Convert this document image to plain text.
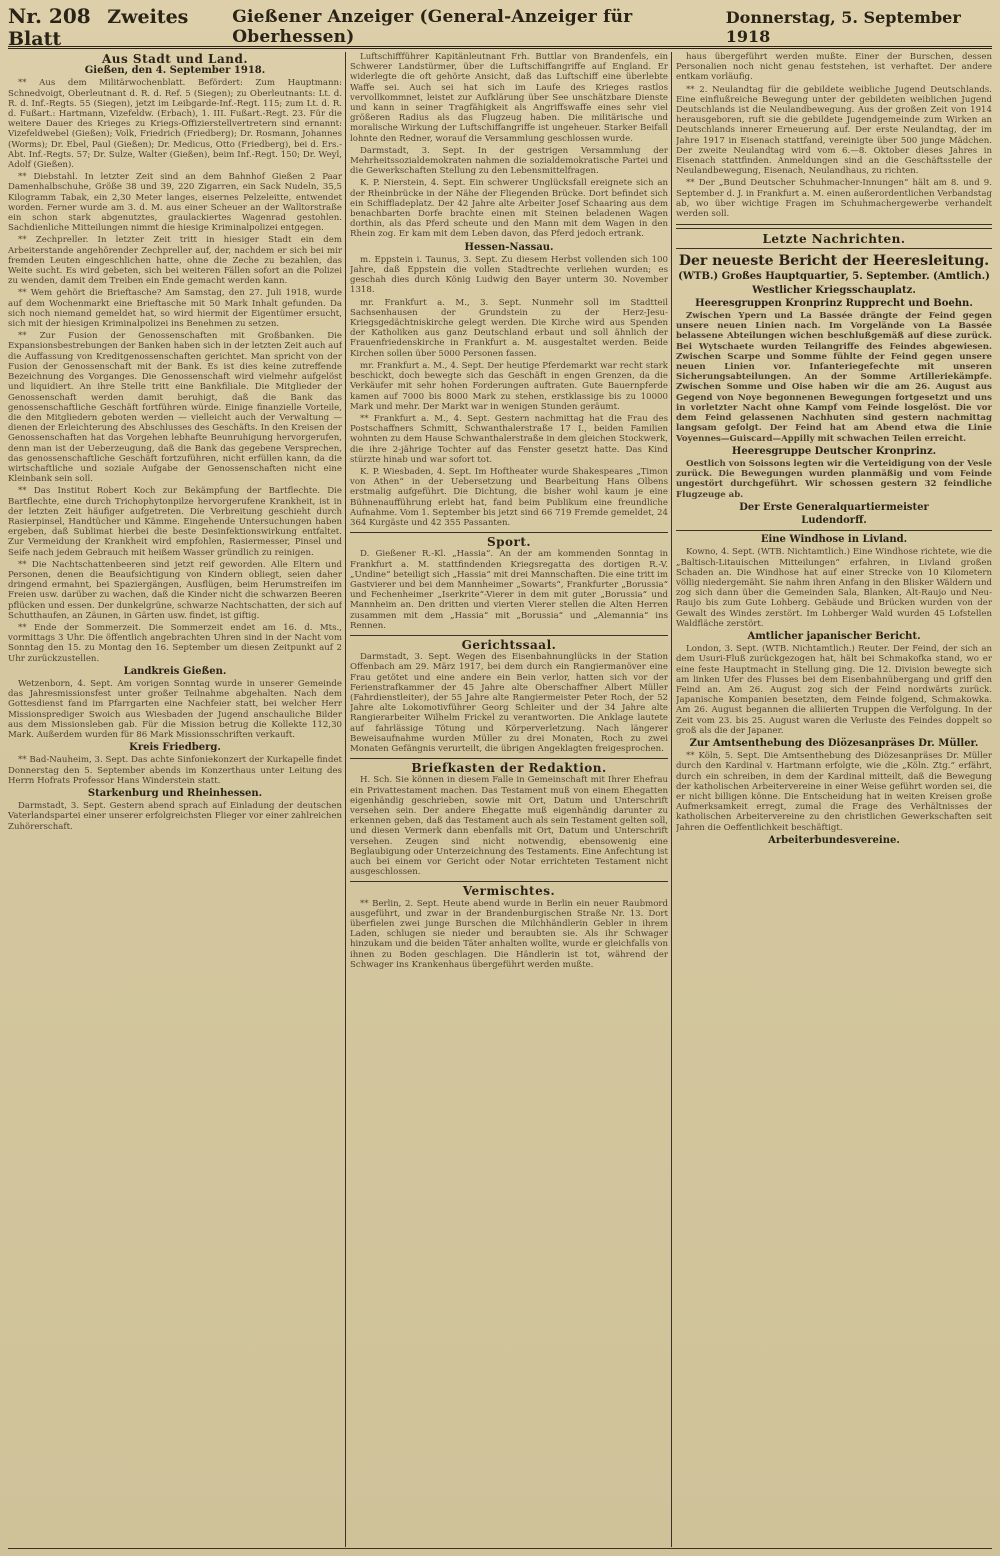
Nr. 208 Zweites Blatt
Gießener Anzeiger (General-Anzeiger für Oberhessen)
Donnerstag, 5. September 1918
Aus Stadt und Land.
Gießen, den 4. September 1918.

** Aus dem Militärwochenblatt. Befördert: Zum Hauptmann: Schnedvoigt, Oberleutnant d. R. d. Ref. 5 (Siegen); zu Oberleutnants: Lt. d. R. d. Inf.-Regts. 55 (Siegen), jetzt im Leibgarde-Inf.-Regt. 115; zum Lt. d. R. d. Fußart.: Hartmann, Vizefeldw. (Erbach), 1. III. Fußart.-Regt. 23. Für die weitere Dauer des Krieges zu Kriegs-Offizierstellvertretern sind ernannt: Vizefeldwebel (Gießen); Volk, Friedrich (Friedberg); Dr. Rosmann, Johannes (Worms); Dr. Ebel, Paul (Gießen); Dr. Medicus, Otto (Friedberg), bei d. Ers.-Abt. Inf.-Regts. 57; Dr. Sulze, Walter (Gießen), beim Inf.-Regt. 150; Dr. Weyl, Adolf (Gießen).

** Diebstahl. In letzter Zeit sind an dem Bahnhof Gießen 2 Paar Damenhalbschuhe, Größe 38 und 39, 220 Zigarren, ein Sack Nudeln, 35,5 Kilogramm Tabak, ein 2,30 Meter langes, eisernes Pelzeleitte, entwendet worden. Ferner wurde am 3. d. M. aus einer Scheuer an der Walltorstraße ein schon stark abgenutztes, graulackiertes Wagenrad gestohlen. Sachdienliche Mitteilungen nimmt die hiesige Kriminalpolizei entgegen.

** Zechpreller. In letzter Zeit tritt in hiesiger Stadt ein dem Arbeiterstande angehörender Zechpreller auf, der, nachdem er sich bei mir fremden Leuten eingeschlichen hatte, ohne die Zeche zu bezahlen, das Weite sucht. Es wird gebeten, sich bei weiteren Fällen sofort an die Polizei zu wenden, damit dem Treiben ein Ende gemacht werden kann.

** Wem gehört die Brieftasche? Am Samstag, den 27. Juli 1918, wurde auf dem Wochenmarkt eine Brieftasche mit 50 Mark Inhalt gefunden. Da sich noch niemand gemeldet hat, so wird hiermit der Eigentümer ersucht, sich mit der hiesigen Kriminalpolizei ins Benehmen zu setzen.

** Zur Fusion der Genossenschaften mit Großbanken. Die Expansionsbestrebungen der Banken haben sich in der letzten Zeit auch auf die Auffassung von Kreditgenossenschaften gerichtet. Man spricht von der Fusion der Genossenschaft mit der Bank. Es ist dies keine zutreffende Bezeichnung des Vorganges. Die Genossenschaft wird vielmehr aufgelöst und liquidiert. An ihre Stelle tritt eine Bankfiliale. Die Mitglieder der Genossenschaft werden damit beruhigt, daß die Bank das genossenschaftliche Geschäft fortführen würde. Einige finanzielle Vorteile, die den Mitgliedern geboten werden — vielleicht auch der Verwaltung — dienen der Erleichterung des Abschlusses des Geschäfts. In den Kreisen der Genossenschaften hat das Vorgehen lebhafte Beunruhigung hervorgerufen, denn man ist der Ueberzeugung, daß die Bank das gegebene Versprechen, das genossenschaftliche Geschäft fortzuführen, nicht erfüllen kann, da die wirtschaftliche und soziale Aufgabe der Genossenschaften nicht eine Kleinbank sein soll.

** Das Institut Robert Koch zur Bekämpfung der Bartflechte. Die Bartflechte, eine durch Trichophytonpilze hervorgerufene Krankheit, ist in der letzten Zeit häufiger aufgetreten. Die Verbreitung geschieht durch Rasierpinsel, Handtücher und Kämme. Eingehende Untersuchungen haben ergeben, daß Sublimat hierbei die beste Desinfektionswirkung entfaltet. Zur Vermeidung der Krankheit wird empfohlen, Rasiermesser, Pinsel und Seife nach jedem Gebrauch mit heißem Wasser gründlich zu reinigen.

** Die Nachtschattenbeeren sind jetzt reif geworden. Alle Eltern und Personen, denen die Beaufsichtigung von Kindern obliegt, seien daher dringend ermahnt, bei Spaziergängen, Ausflügen, beim Herumstreifen im Freien usw. darüber zu wachen, daß die Kinder nicht die schwarzen Beeren pflücken und essen. Der dunkelgrüne, schwarze Nachtschatten, der sich auf Schutthaufen, an Zäunen, in Gärten usw. findet, ist giftig.

** Ende der Sommerzeit. Die Sommerzeit endet am 16. d. Mts., vormittags 3 Uhr. Die öffentlich angebrachten Uhren sind in der Nacht vom Sonntag den 15. zu Montag den 16. September um diesen Zeitpunkt auf 2 Uhr zurückzustellen.

Landkreis Gießen.

Wetzenborn, 4. Sept. Am vorigen Sonntag wurde in unserer Gemeinde das Jahresmissionsfest unter großer Teilnahme abgehalten. Nach dem Gottesdienst fand im Pfarrgarten eine Nachfeier statt, bei welcher Herr Missionsprediger Swoich aus Wiesbaden der Jugend anschauliche Bilder aus dem Missionsleben gab. Für die Mission betrug die Kollekte 112,30 Mark. Außerdem wurden für 86 Mark Missionsschriften verkauft.

Kreis Friedberg.

** Bad-Nauheim, 3. Sept. Das achte Sinfoniekonzert der Kurkapelle findet Donnerstag den 5. September abends im Konzerthaus unter Leitung des Herrn Hofrats Professor Hans Winderstein statt.

Starkenburg und Rheinhessen.

Darmstadt, 3. Sept. Gestern abend sprach auf Einladung der deutschen Vaterlandspartei einer unserer erfolgreichsten Flieger vor einer zahlreichen Zuhörerschaft.

Luftschiffführer Kapitänleutnant Frh. Buttlar von Brandenfels, ein Schwerer Landstürmer, über die Luftschiffangriffe auf England. Er widerlegte die oft gehörte Ansicht, daß das Luftschiff eine überlebte Waffe sei. Auch sei hat sich im Laufe des Krieges rastlos vervollkommnet, leistet zur Aufklärung über See unschätzbare Dienste und kann in seiner Tragfähigkeit als Angriffswaffe eines sehr viel größeren Radius als das Flugzeug haben. Die militärische und moralische Wirkung der Luftschiffangriffe ist ungeheuer. Starker Beifall lohnte den Redner, worauf die Versammlung geschlossen wurde.

Darmstadt, 3. Sept. In der gestrigen Versammlung der Mehrheitssozialdemokraten nahmen die sozialdemokratische Partei und die Gewerkschaften Stellung zu den Lebensmittelfragen.

K. P. Nierstein, 4. Sept. Ein schwerer Unglücksfall ereignete sich an der Rheinbrücke in der Nähe der Fliegenden Brücke. Dort befindet sich ein Schiffladeplatz. Der 42 Jahre alte Arbeiter Josef Schaaring aus dem benachbarten Dorfe brachte einen mit Steinen beladenen Wagen dorthin, als das Pferd scheute und den Mann mit dem Wagen in den Rhein zog. Er kam mit dem Leben davon, das Pferd jedoch ertrank.

Hessen-Nassau.

m. Eppstein i. Taunus, 3. Sept. Zu diesem Herbst vollenden sich 100 Jahre, daß Eppstein die vollen Stadtrechte verliehen wurden; es geschah dies durch König Ludwig den Bayer unterm 30. November 1318.

mr. Frankfurt a. M., 3. Sept. Nunmehr soll im Stadtteil Sachsenhausen der Grundstein zu der Herz-Jesu-Kriegsgedächtniskirche gelegt werden. Die Kirche wird aus Spenden der Katholiken aus ganz Deutschland erbaut und soll ähnlich der Frauenfriedenskirche in Frankfurt a. M. ausgestaltet werden. Beide Kirchen sollen über 5000 Personen fassen.

mr. Frankfurt a. M., 4. Sept. Der heutige Pferdemarkt war recht stark beschickt, doch bewegte sich das Geschäft in engen Grenzen, da die Verkäufer mit sehr hohen Forderungen auftraten. Gute Bauernpferde kamen auf 7000 bis 8000 Mark zu stehen, erstklassige bis zu 10000 Mark und mehr. Der Markt war in wenigen Stunden geräumt.

** Frankfurt a. M., 4. Sept. Gestern nachmittag hat die Frau des Postschaffners Schmitt, Schwanthalerstraße 17 I., beiden Familien wohnten zu dem Hause Schwanthalerstraße in dem gleichen Stockwerk, die ihre 2-jährige Tochter auf das Fenster gesetzt hatte. Das Kind stürzte hinab und war sofort tot.

K. P. Wiesbaden, 4. Sept. Im Hoftheater wurde Shakespeares „Timon von Athen“ in der Uebersetzung und Bearbeitung Hans Olbens erstmalig aufgeführt. Die Dichtung, die bisher wohl kaum je eine Bühnenaufführung erlebt hat, fand beim Publikum eine freundliche Aufnahme. Vom 1. September bis jetzt sind 66 719 Fremde gemeldet, 24 364 Kurgäste und 42 355 Passanten.

Sport.

D. Gießener R.-Kl. „Hassia“. An der am kommenden Sonntag in Frankfurt a. M. stattfindenden Kriegsregatta des dortigen R.-V. „Undine“ beteiligt sich „Hassia“ mit drei Mannschaften. Die eine tritt im Gastvierer und bei dem Mannheimer „Sowarts“, Frankfurter „Borussia“ und Fechenheimer „Iserkrite“-Vierer in dem mit guter „Borussia“ und Mannheim an. Den dritten und vierten Vierer stellen die Alten Herren zusammen mit dem „Hassia“ mit „Borussia“ und „Alemannia“ ins Rennen.

Gerichtssaal.

Darmstadt, 3. Sept. Wegen des Eisenbahnunglücks in der Station Offenbach am 29. März 1917, bei dem durch ein Rangiermanöver eine Frau getötet und eine andere ein Bein verlor, hatten sich vor der Ferienstrafkammer der 45 Jahre alte Oberschaffner Albert Müller (Fahrdienstleiter), der 55 Jahre alte Rangiermeister Peter Roch, der 52 Jahre alte Lokomotivführer Georg Schleiter und der 34 Jahre alte Rangierarbeiter Wilhelm Frickel zu verantworten. Die Anklage lautete auf fahrlässige Tötung und Körperverletzung. Nach längerer Beweisaufnahme wurden Müller zu drei Monaten, Roch zu zwei Monaten Gefängnis verurteilt, die übrigen Angeklagten freigesprochen.

Briefkasten der Redaktion.

H. Sch. Sie können in diesem Falle in Gemeinschaft mit Ihrer Ehefrau ein Privattestament machen. Das Testament muß von einem Ehegatten eigenhändig geschrieben, sowie mit Ort, Datum und Unterschrift versehen sein. Der andere Ehegatte muß eigenhändig darunter zu erkennen geben, daß das Testament auch als sein Testament gelten soll, und diesen Vermerk dann ebenfalls mit Ort, Datum und Unterschrift versehen. Zeugen sind nicht notwendig, ebensowenig eine Beglaubigung oder Unterzeichnung des Testaments. Eine Anfechtung ist auch bei einem vor Gericht oder Notar errichteten Testament nicht ausgeschlossen.

Vermischtes.

** Berlin, 2. Sept. Heute abend wurde in Berlin ein neuer Raubmord ausgeführt, und zwar in der Brandenburgischen Straße Nr. 13. Dort überfielen zwei junge Burschen die Milchhändlerin Gebler in ihrem Laden, schlugen sie nieder und beraubten sie. Als ihr Schwager hinzukam und die beiden Täter anhalten wollte, wurde er gleichfalls von ihnen zu Boden geschlagen. Die Händlerin ist tot, während der Schwager ins Krankenhaus übergeführt werden mußte.

haus übergeführt werden mußte. Einer der Burschen, dessen Personalien noch nicht genau feststehen, ist verhaftet. Der andere entkam vorläufig.

** 2. Neulandtag für die gebildete weibliche Jugend Deutschlands. Eine einflußreiche Bewegung unter der gebildeten weiblichen Jugend Deutschlands ist die Neulandbewegung. Aus der großen Zeit von 1914 herausgeboren, ruft sie die gebildete Jugendgemeinde zum Wirken an Deutschlands innerer Erneuerung auf. Der erste Neulandtag, der im Jahre 1917 in Eisenach stattfand, vereinigte über 500 junge Mädchen. Der zweite Neulandtag wird vom 6.—8. Oktober dieses Jahres in Eisenach stattfinden. Anmeldungen sind an die Geschäftsstelle der Neulandbewegung, Eisenach, Neulandhaus, zu richten.

** Der „Bund Deutscher Schuhmacher-Innungen“ hält am 8. und 9. September d. J. in Frankfurt a. M. einen außerordentlichen Verbandstag ab, wo über wichtige Fragen im Schuhmachergewerbe verhandelt werden soll.

Letzte Nachrichten.
Der neueste Bericht der Heeresleitung.
(WTB.) Großes Hauptquartier, 5. September. (Amtlich.)
Westlicher Kriegsschauplatz.
Heeresgruppen Kronprinz Rupprecht und Boehn.

Zwischen Ypern und La Bassée drängte der Feind gegen unsere neuen Linien nach. Im Vorgelände von La Bassée belassene Abteilungen wichen beschlußgemäß auf diese zurück. Bei Wytschaete wurden Teilangriffe des Feindes abgewiesen. Zwischen Scarpe und Somme fühlte der Feind gegen unsere neuen Linien vor. Infanteriegefechte mit unseren Sicherungsabteilungen. An der Somme Artilleriekämpfe. Zwischen Somme und Oise haben wir die am 26. August aus Gegend von Noye begonnenen Bewegungen fortgesetzt und uns in vorletzter Nacht ohne Kampf vom Feinde losgelöst. Die vor dem Feind gelassenen Nachhuten sind gestern nachmittag langsam gefolgt. Der Feind hat am Abend etwa die Linie Voyennes—Guiscard—Appilly mit schwachen Teilen erreicht.

Heeresgruppe Deutscher Kronprinz.

Oestlich von Soissons legten wir die Verteidigung von der Vesle zurück. Die Bewegungen wurden planmäßig und vom Feinde ungestört durchgeführt. Wir schossen gestern 32 feindliche Flugzeuge ab.

Der Erste Generalquartiermeister
Ludendorff.
Eine Windhose in Livland.

Kowno, 4. Sept. (WTB. Nichtamtlich.) Eine Windhose richtete, wie die „Baltisch-Litauischen Mitteilungen“ erfahren, in Livland großen Schaden an. Die Windhose hat auf einer Strecke von 10 Kilometern völlig niedergemäht. Sie nahm ihren Anfang in den Blisker Wäldern und zog sich dann über die Gemeinden Sala, Blanken, Alt-Raujo und Neu-Raujo bis zum Gute Lohberg. Gebäude und Brücken wurden von der Gewalt des Windes zerstört. Im Lohberger Wald wurden 45 Lofstellen Waldfläche zerstört.

Amtlicher japanischer Bericht.

London, 3. Sept. (WTB. Nichtamtlich.) Reuter. Der Feind, der sich an dem Usuri-Fluß zurückgezogen hat, hält bei Schmakofka stand, wo er eine feste Hauptmacht in Stellung ging. Die 12. Division bewegte sich am linken Ufer des Flusses bei dem Eisenbahnübergang und griff den Feind an. Am 26. August zog sich der Feind nordwärts zurück. Japanische Kompanien besetzten, dem Feinde folgend, Schmakowka. Am 26. August begannen die alliierten Truppen die Verfolgung. In der Zeit vom 23. bis 25. August waren die Verluste des Feindes doppelt so groß als die der Japaner.

Zur Amtsenthebung des Diözesanpräses Dr. Müller.

** Köln, 5. Sept. Die Amtsenthebung des Diözesanpräses Dr. Müller durch den Kardinal v. Hartmann erfolgte, wie die „Köln. Ztg.“ erfährt, durch ein schreiben, in dem der Kardinal mitteilt, daß die Bewegung der katholischen Arbeitervereine in einer Weise geführt worden sei, die er nicht billigen könne. Die Entscheidung hat in weiten Kreisen große Aufmerksamkeit erregt, zumal die Frage des Verhältnisses der katholischen Arbeitervereine zu den christlichen Gewerkschaften seit Jahren die Oeffentlichkeit beschäftigt.

Arbeiterbundesvereine.
